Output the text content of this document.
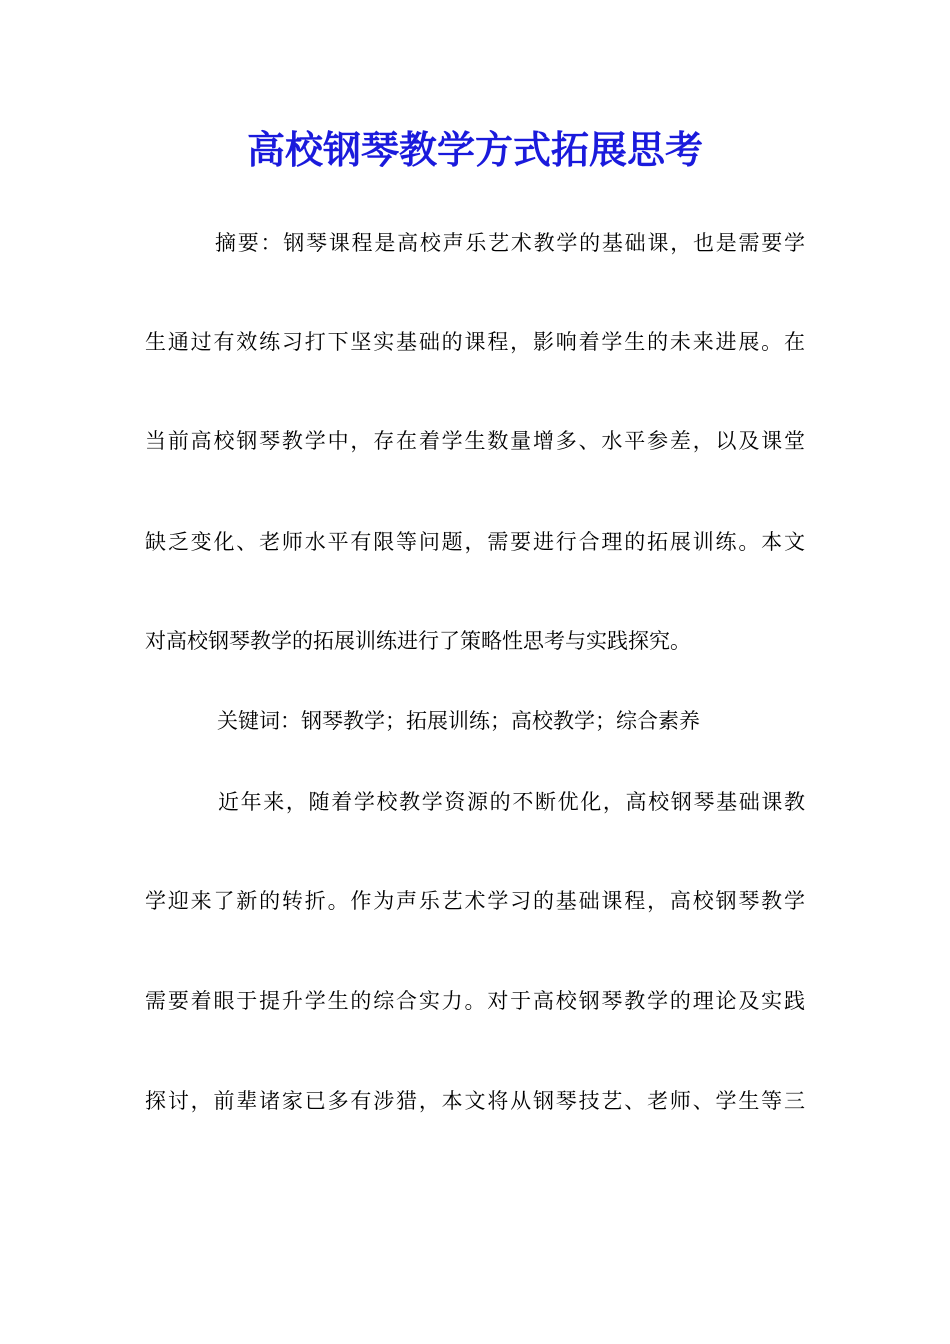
高校钢琴教学方式拓展思考
摘要：钢琴课程是高校声乐艺术教学的基础课，也是需要学
生通过有效练习打下坚实基础的课程，影响着学生的未来进展。在
当前高校钢琴教学中，存在着学生数量增多、水平参差，以及课堂
缺乏变化、老师水平有限等问题，需要进行合理的拓展训练。本文
对高校钢琴教学的拓展训练进行了策略性思考与实践探究。
关键词：钢琴教学；拓展训练；高校教学；综合素养
近年来，随着学校教学资源的不断优化，高校钢琴基础课教
学迎来了新的转折。作为声乐艺术学习的基础课程，高校钢琴教学
需要着眼于提升学生的综合实力。对于高校钢琴教学的理论及实践
探讨，前辈诸家已多有涉猎，本文将从钢琴技艺、老师、学生等三
